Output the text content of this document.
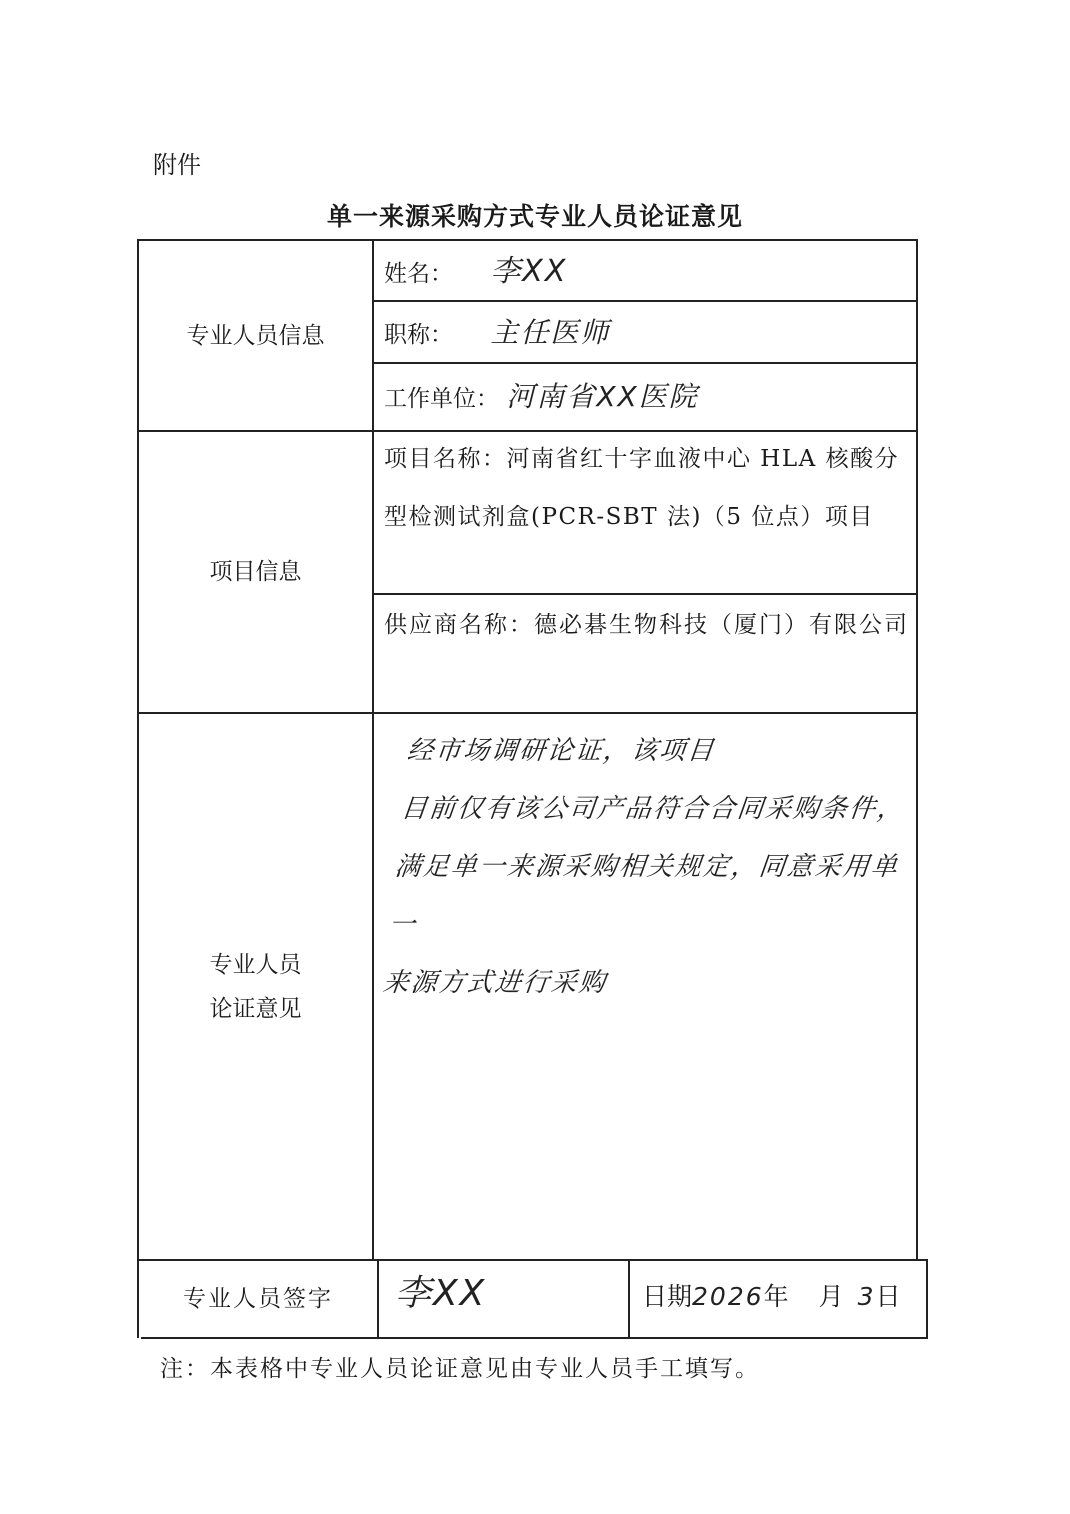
附件
单一来源采购方式专业人员论证意见
专业人员信息
姓名： 李XX
职称： 主任医师
工作单位： 河南省XX医院
项目信息
项目名称：河南省红十字血液中心 HLA 核酸分型检测试剂盒(PCR-SBT 法)（5 位点）项目
供应商名称：德必碁生物科技（厦门）有限公司
专业人员
论证意见
经市场调研论证，该项目
目前仅有该公司产品符合合同采购条件，
满足单一来源采购相关规定，同意采用单一
来源方式进行采购
专业人员签字 李XX	日期2026年 月 3日
注：本表格中专业人员论证意见由专业人员手工填写。
